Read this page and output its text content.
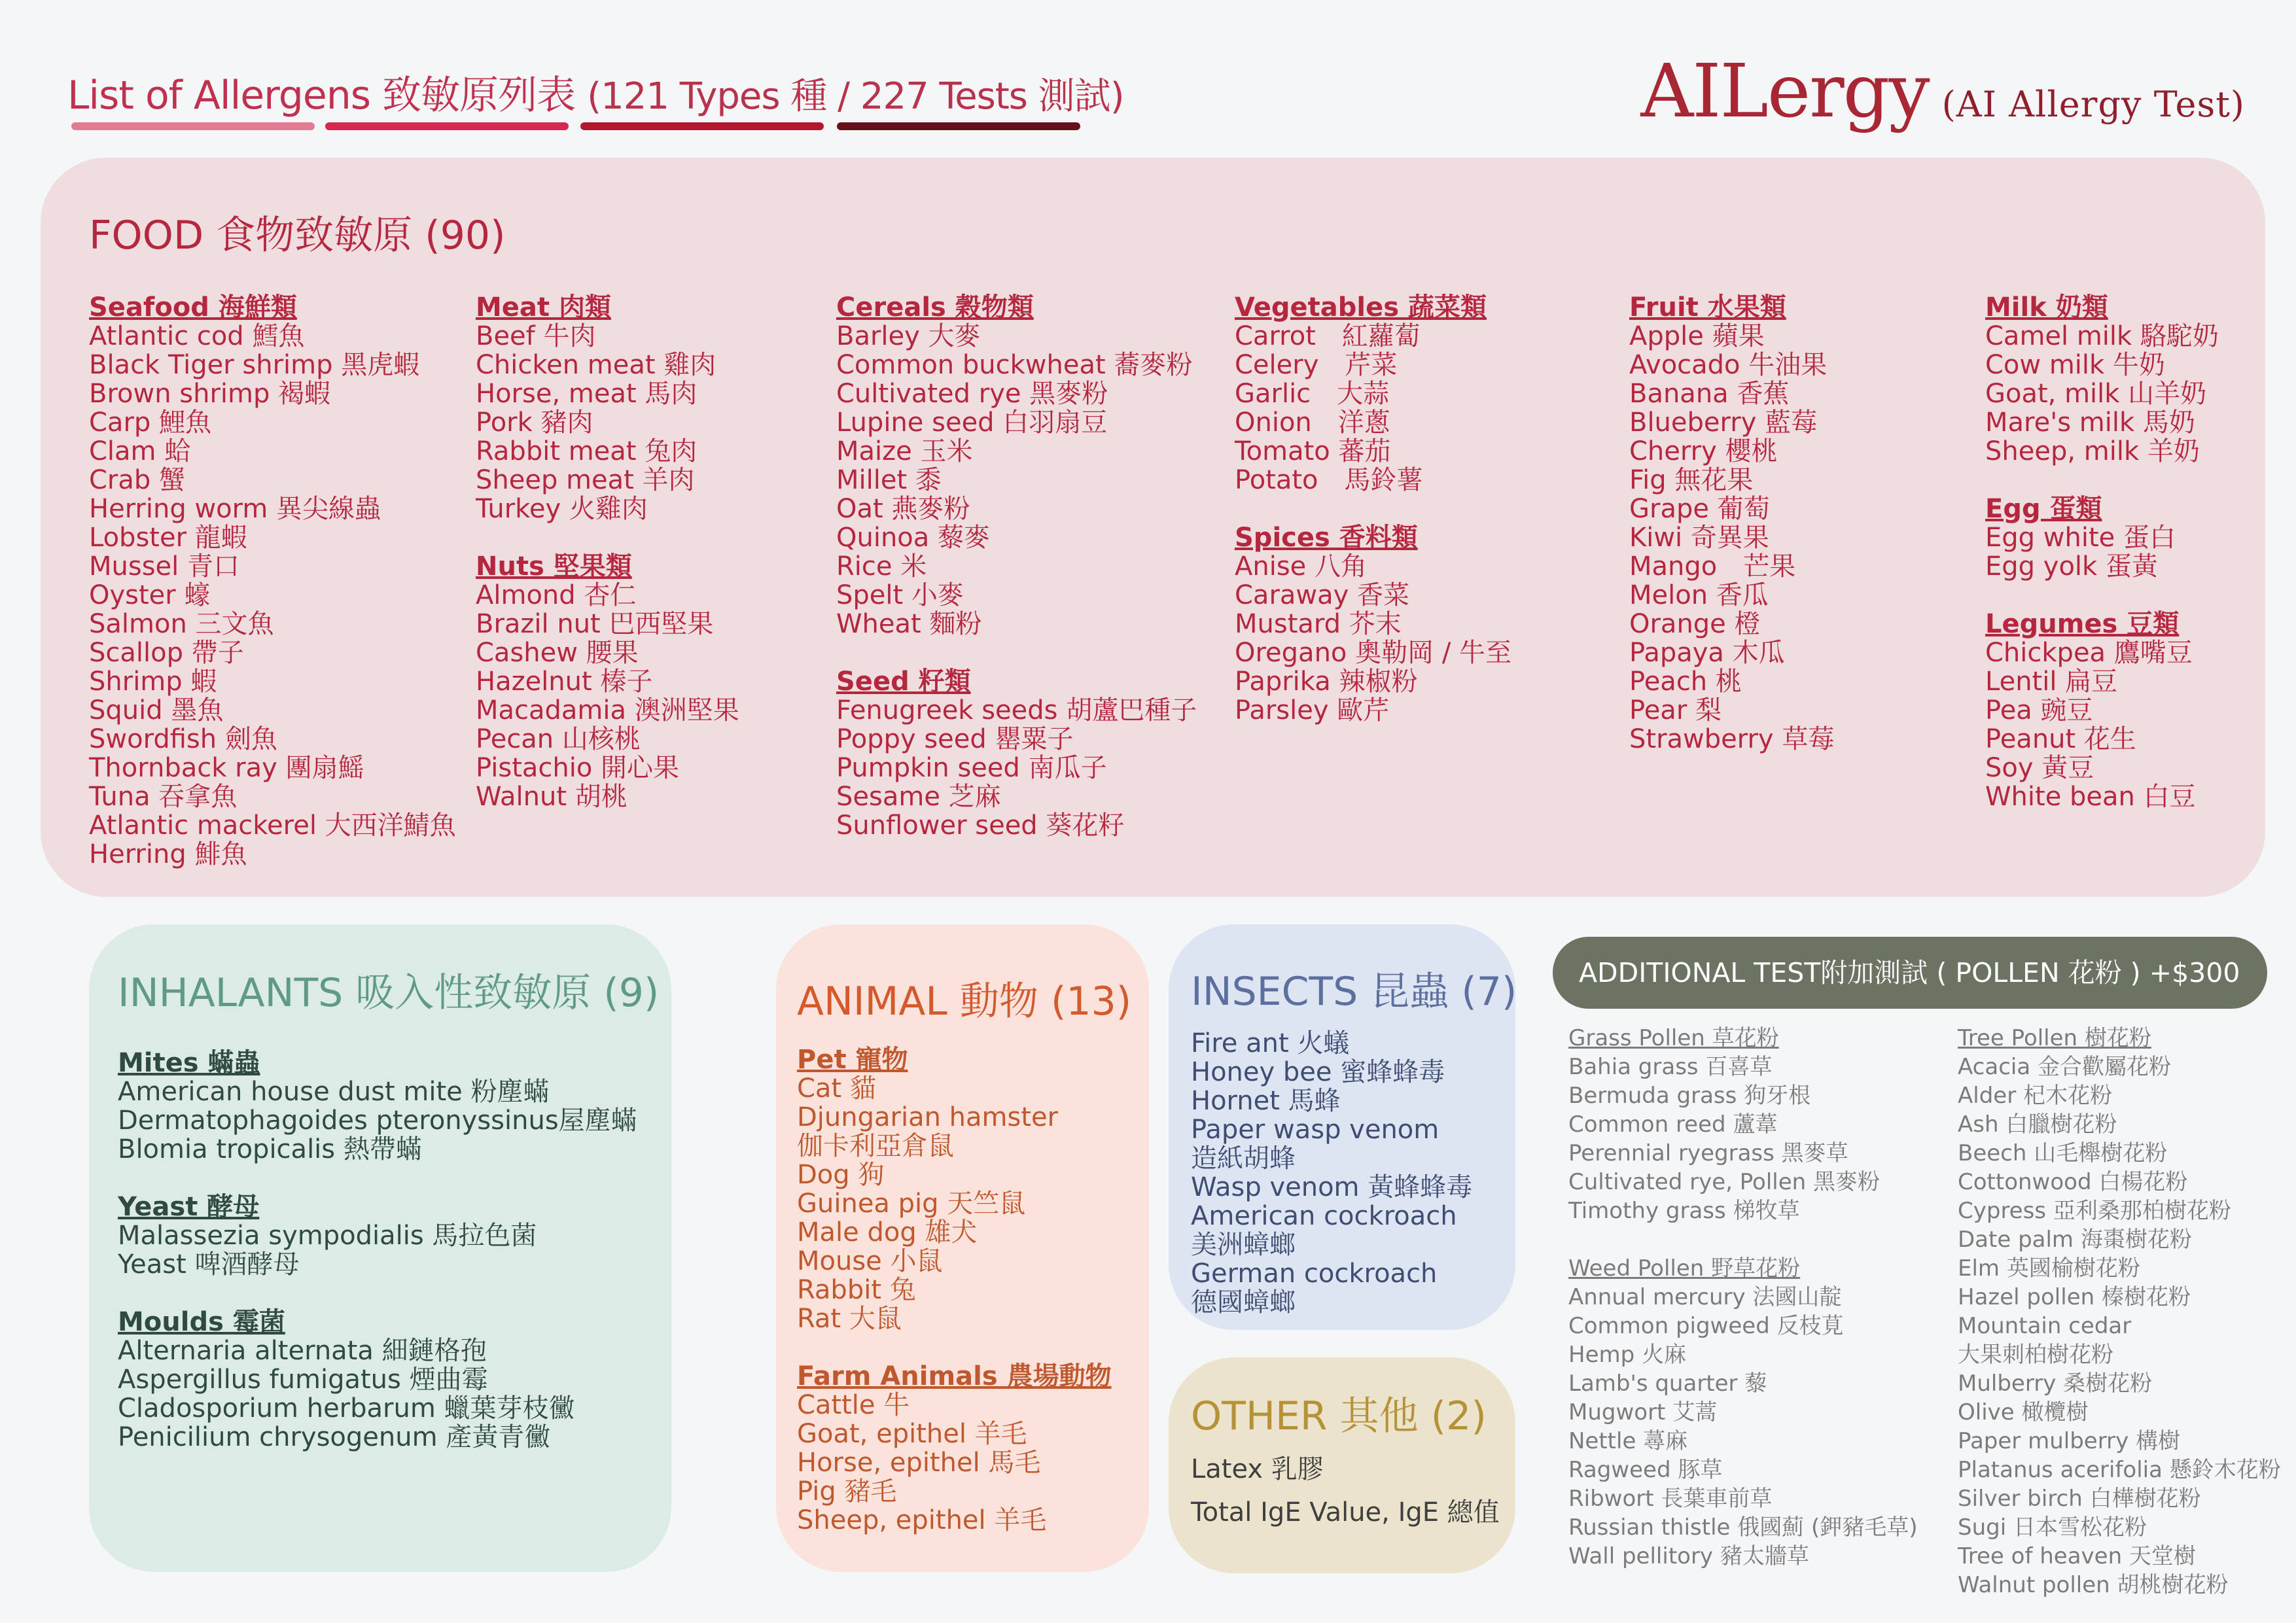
List of Allergens 致敏原列表 (121 Types 種 / 227 Tests 測試)	AILergy (AI Allergy Test)
FOOD 食物致敏原 (90)
Seafood 海鮮類
Atlantic cod 鱈魚
Black Tiger shrimp 黑虎蝦
Brown shrimp 褐蝦
Carp 鯉魚
Clam 蛤
Crab 蟹
Herring worm 異尖線蟲
Lobster 龍蝦
Mussel 青口
Oyster 蠔
Salmon 三文魚
Scallop 帶子
Shrimp 蝦
Squid 墨魚
Swordfish 劍魚
Thornback ray 團扇鰩
Tuna 吞拿魚
Atlantic mackerel 大西洋鯖魚
Herring 鯡魚
Meat 肉類
Beef 牛肉
Chicken meat 雞肉
Horse, meat 馬肉
Pork 豬肉
Rabbit meat 兔肉
Sheep meat 羊肉
Turkey 火雞肉
Nuts 堅果類
Almond 杏仁
Brazil nut 巴西堅果
Cashew 腰果
Hazelnut 榛子
Macadamia 澳洲堅果
Pecan 山核桃
Pistachio 開心果
Walnut 胡桃
Cereals 穀物類
Barley 大麥
Common buckwheat 蕎麥粉
Cultivated rye 黑麥粉
Lupine seed 白羽扇豆
Maize 玉米
Millet 黍
Oat 燕麥粉
Quinoa 藜麥
Rice 米
Spelt 小麥
Wheat 麵粉
Seed 籽類
Fenugreek seeds 胡蘆巴種子
Poppy seed 罌粟子
Pumpkin seed 南瓜子
Sesame 芝麻
Sunflower seed 葵花籽
Vegetables 蔬菜類
Carrot　紅蘿蔔
Celery　芹菜
Garlic　大蒜
Onion　洋蔥
Tomato 蕃茄
Potato　馬鈴薯
Spices 香料類
Anise 八角
Caraway 香菜
Mustard 芥末
Oregano 奧勒岡 / 牛至
Paprika 辣椒粉
Parsley 歐芹
Fruit 水果類
Apple 蘋果
Avocado 牛油果
Banana 香蕉
Blueberry 藍莓
Cherry 櫻桃
Fig 無花果
Grape 葡萄
Kiwi 奇異果
Mango　芒果
Melon 香瓜
Orange 橙
Papaya 木瓜
Peach 桃
Pear 梨
Strawberry 草莓
Milk 奶類
Camel milk 駱駝奶
Cow milk 牛奶
Goat, milk 山羊奶
Mare's milk 馬奶
Sheep, milk 羊奶
Egg 蛋類
Egg white 蛋白
Egg yolk 蛋黃
Legumes 豆類
Chickpea 鷹嘴豆
Lentil 扁豆
Pea 豌豆
Peanut 花生
Soy 黃豆
White bean 白豆
INHALANTS 吸入性致敏原 (9)
Mites 蟎蟲
American house dust mite 粉塵蟎
Dermatophagoides pteronyssinus屋塵蟎
Blomia tropicalis 熱帶蟎
Yeast 酵母
Malassezia sympodialis 馬拉色菌
Yeast 啤酒酵母
Moulds 霉菌
Alternaria alternata 細鏈格孢
Aspergillus fumigatus 煙曲霉
Cladosporium herbarum 蠟葉芽枝黴
Penicilium chrysogenum 產黃青黴
ANIMAL 動物 (13)
Pet 寵物
Cat 貓
Djungarian hamster
伽卡利亞倉鼠
Dog 狗
Guinea pig 天竺鼠
Male dog 雄犬
Mouse 小鼠
Rabbit 兔
Rat 大鼠
Farm Animals 農場動物
Cattle 牛
Goat, epithel 羊毛
Horse, epithel 馬毛
Pig 豬毛
Sheep, epithel 羊毛
INSECTS 昆蟲 (7)
Fire ant 火蟻
Honey bee 蜜蜂蜂毒
Hornet 馬蜂
Paper wasp venom
造紙胡蜂
Wasp venom 黃蜂蜂毒
American cockroach
美洲蟑螂
German cockroach
德國蟑螂
OTHER 其他 (2)
Latex 乳膠
Total IgE Value, IgE 總值
ADDITIONAL TEST附加測試 ( POLLEN 花粉 ) +$300
Grass Pollen 草花粉
Bahia grass 百喜草
Bermuda grass 狗牙根
Common reed 蘆葦
Perennial ryegrass 黑麥草
Cultivated rye, Pollen 黑麥粉
Timothy grass 梯牧草
Weed Pollen 野草花粉
Annual mercury 法國山靛
Common pigweed 反枝莧
Hemp 火麻
Lamb's quarter 藜
Mugwort 艾蒿
Nettle 蕁麻
Ragweed 豚草
Ribwort 長葉車前草
Russian thistle 俄國薊 (鉀豬毛草)
Wall pellitory 豬太牆草
Tree Pollen 樹花粉
Acacia 金合歡屬花粉
Alder 杞木花粉
Ash 白臘樹花粉
Beech 山毛櫸樹花粉
Cottonwood 白楊花粉
Cypress 亞利桑那柏樹花粉
Date palm 海棗樹花粉
Elm 英國榆樹花粉
Hazel pollen 榛樹花粉
Mountain cedar
大果刺柏樹花粉
Mulberry 桑樹花粉
Olive 橄欖樹
Paper mulberry 構樹
Platanus acerifolia 懸鈴木花粉
Silver birch 白樺樹花粉
Sugi 日本雪松花粉
Tree of heaven 天堂樹
Walnut pollen 胡桃樹花粉
